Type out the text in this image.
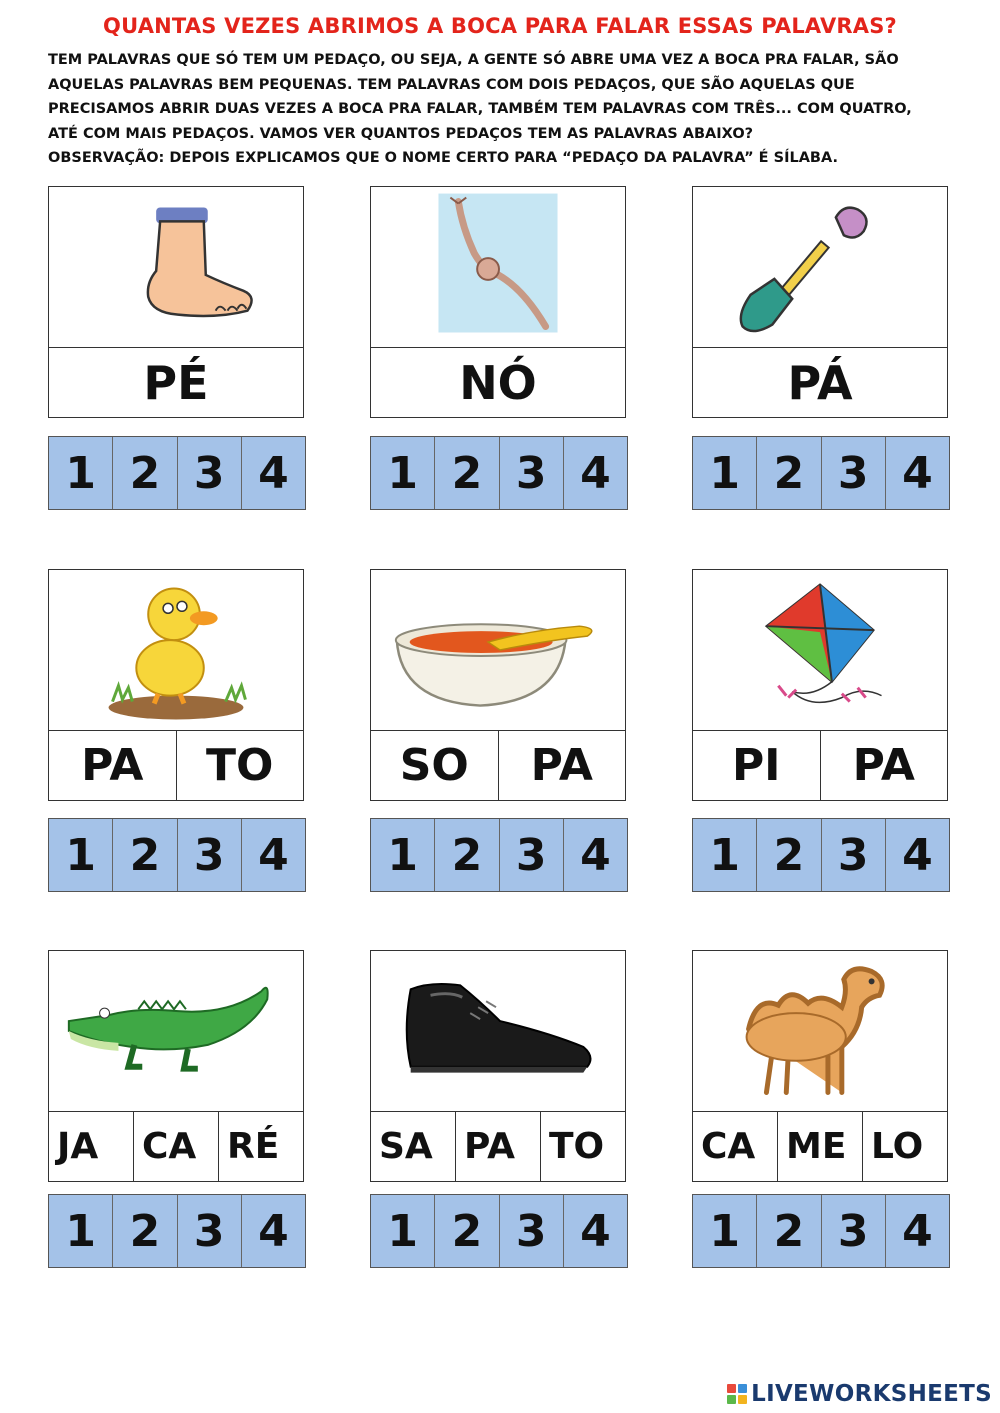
QUANTAS VEZES ABRIMOS A BOCA PARA FALAR ESSAS PALAVRAS?
TEM PALAVRAS QUE SÓ TEM UM PEDAÇO, OU SEJA, A GENTE SÓ ABRE UMA VEZ A BOCA PRA FALAR, SÃO
AQUELAS PALAVRAS BEM PEQUENAS. TEM PALAVRAS COM DOIS PEDAÇOS, QUE SÃO AQUELAS QUE
PRECISAMOS ABRIR DUAS VEZES A BOCA PRA FALAR, TAMBÉM TEM PALAVRAS COM TRÊS... COM QUATRO,
ATÉ COM MAIS PEDAÇOS. VAMOS VER QUANTOS PEDAÇOS TEM AS PALAVRAS ABAIXO?
OBSERVAÇÃO: DEPOIS EXPLICAMOS QUE O NOME CERTO PARA “PEDAÇO DA PALAVRA” É SÍLABA.
PÉ	NÓ	PÁ
1 2 3 4	1 2 3 4	1 2 3 4
PA	TO	SO	PA	PI	PA
1 2 3 4	1 2 3 4	1 2 3 4
JA	CA RÉ	SA PA TO	CA ME LO
1 2 3 4	1 2 3 4	1 2 3 4
LIVEWORKSHEETS
